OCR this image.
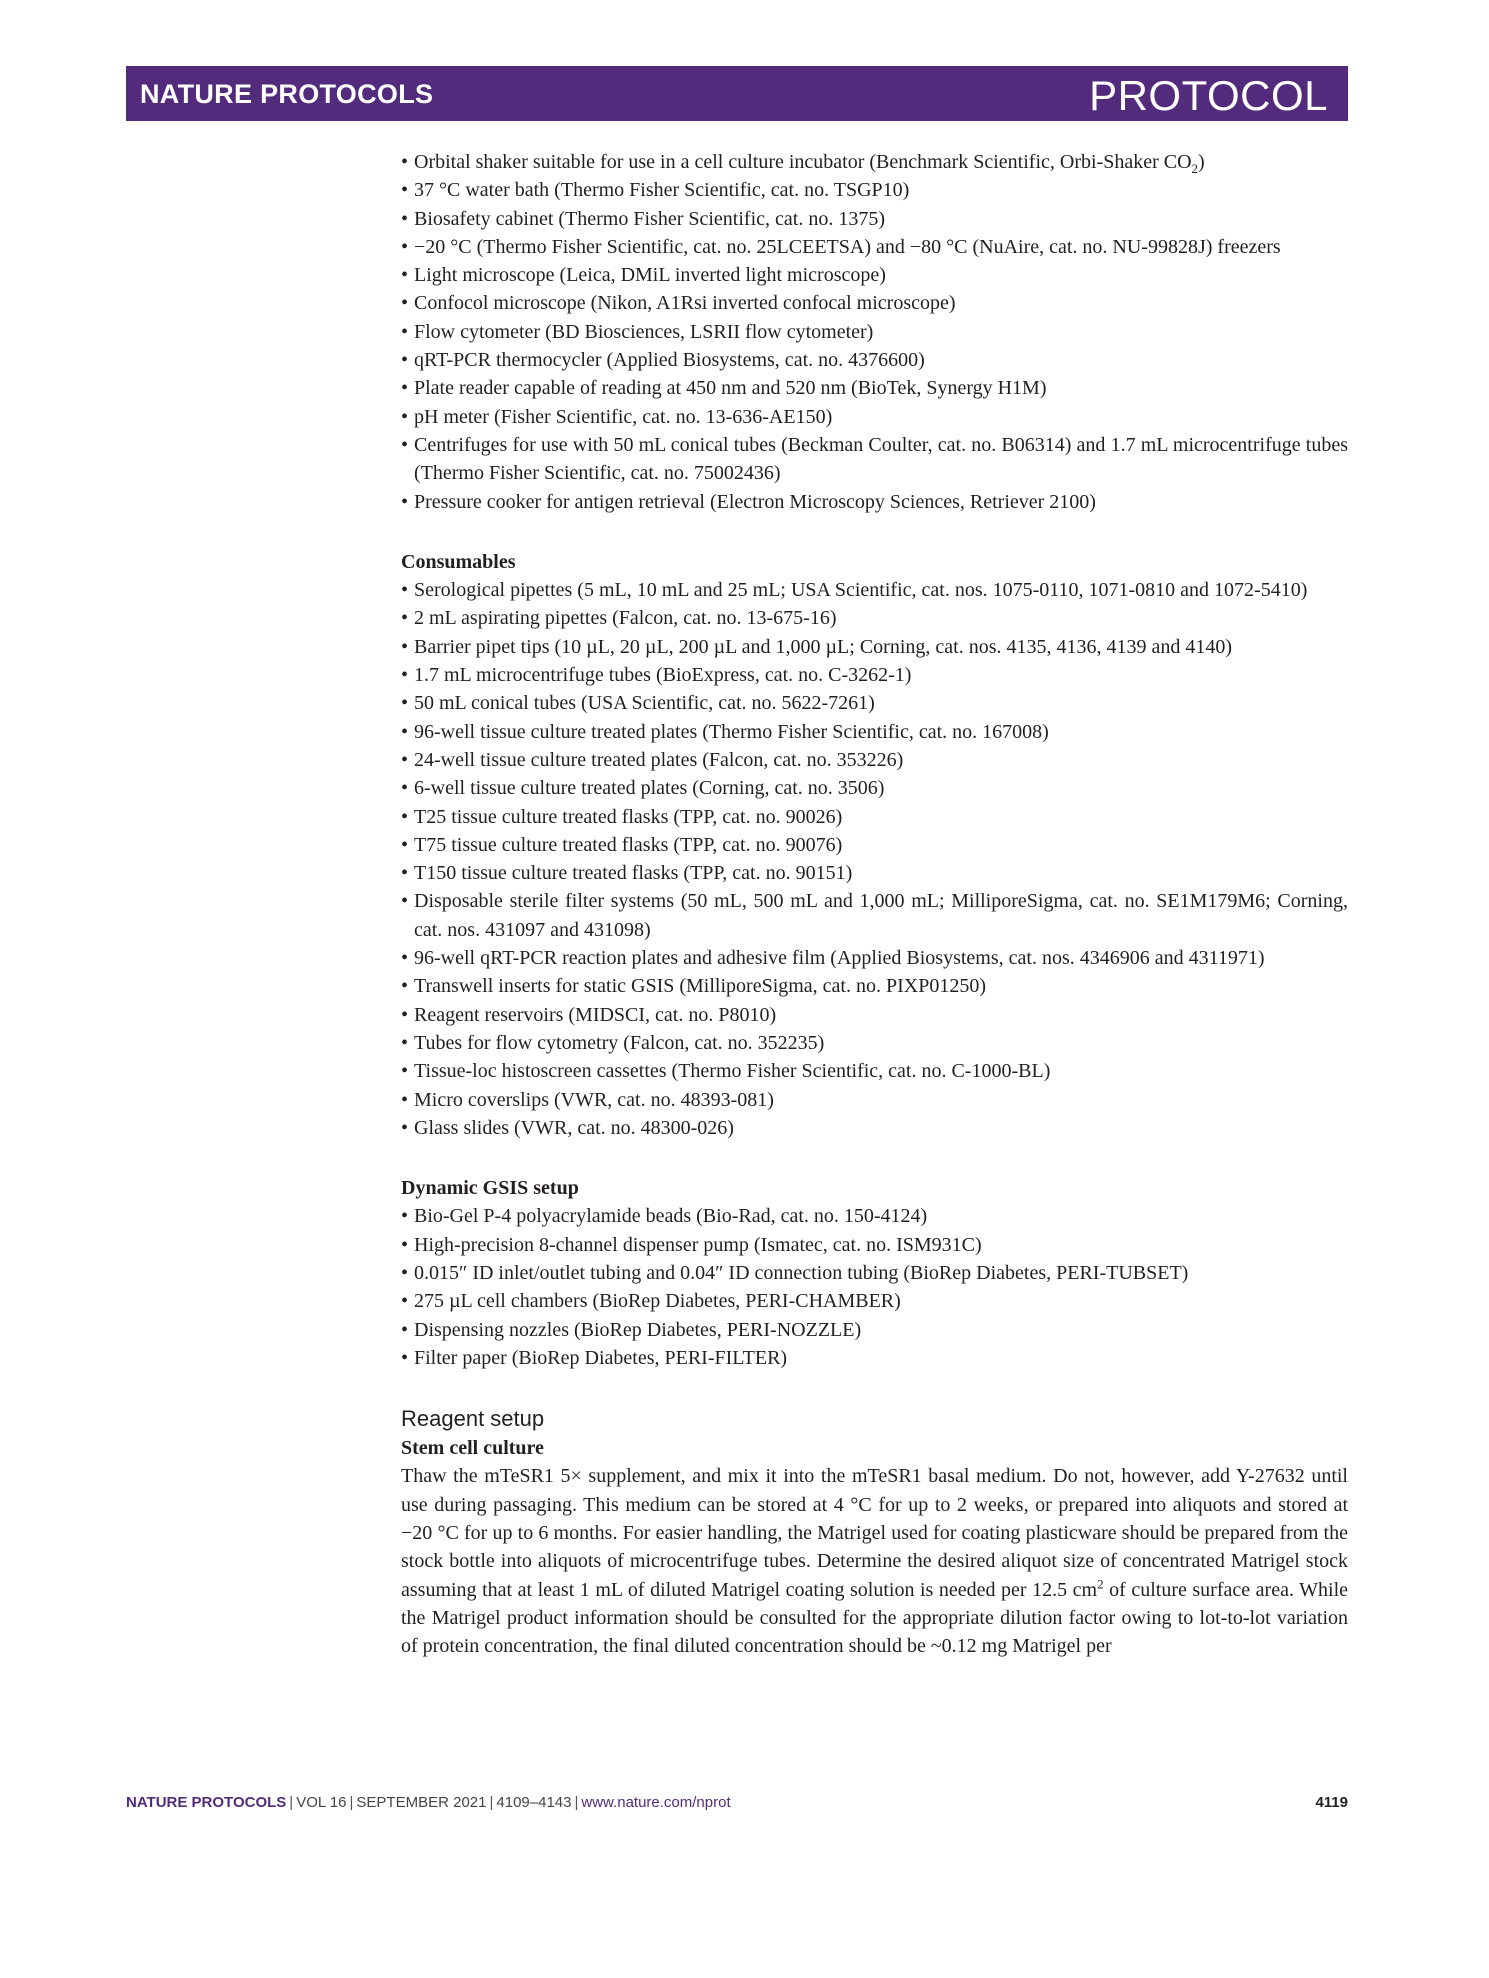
NATURE PROTOCOLS	PROTOCOL
• Orbital shaker suitable for use in a cell culture incubator (Benchmark Scientific, Orbi-Shaker $CO_2$)
• 37 °C water bath (Thermo Fisher Scientific, cat. no. TSGP10)
• Biosafety cabinet (Thermo Fisher Scientific, cat. no. 1375)
• −20 °C (Thermo Fisher Scientific, cat. no. 25LCEETSA) and −80 °C (NuAire, cat. no. NU-99828J) freezers
• Light microscope (Leica, DMiL inverted light microscope)
• Confocol microscope (Nikon, A1Rsi inverted confocal microscope)
• Flow cytometer (BD Biosciences, LSRII flow cytometer)
• qRT-PCR thermocycler (Applied Biosystems, cat. no. 4376600)
• Plate reader capable of reading at 450 nm and 520 nm (BioTek, Synergy H1M)
• pH meter (Fisher Scientific, cat. no. 13-636-AE150)
• Centrifuges for use with 50 mL conical tubes (Beckman Coulter, cat. no. B06314) and 1.7 mL microcentrifuge tubes (Thermo Fisher Scientific, cat. no. 75002436)
• Pressure cooker for antigen retrieval (Electron Microscopy Sciences, Retriever 2100)
Consumables
• Serological pipettes (5 mL, 10 mL and 25 mL; USA Scientific, cat. nos. 1075-0110, 1071-0810 and 1072-5410)
• 2 mL aspirating pipettes (Falcon, cat. no. 13-675-16)
• Barrier pipet tips (10 µL, 20 µL, 200 µL and 1,000 µL; Corning, cat. nos. 4135, 4136, 4139 and 4140)
• 1.7 mL microcentrifuge tubes (BioExpress, cat. no. C-3262-1)
• 50 mL conical tubes (USA Scientific, cat. no. 5622-7261)
• 96-well tissue culture treated plates (Thermo Fisher Scientific, cat. no. 167008)
• 24-well tissue culture treated plates (Falcon, cat. no. 353226)
• 6-well tissue culture treated plates (Corning, cat. no. 3506)
• T25 tissue culture treated flasks (TPP, cat. no. 90026)
• T75 tissue culture treated flasks (TPP, cat. no. 90076)
• T150 tissue culture treated flasks (TPP, cat. no. 90151)
• Disposable sterile filter systems (50 mL, 500 mL and 1,000 mL; MilliporeSigma, cat. no. SE1M179M6; Corning, cat. nos. 431097 and 431098)
• 96-well qRT-PCR reaction plates and adhesive film (Applied Biosystems, cat. nos. 4346906 and 4311971)
• Transwell inserts for static GSIS (MilliporeSigma, cat. no. PIXP01250)
• Reagent reservoirs (MIDSCI, cat. no. P8010)
• Tubes for flow cytometry (Falcon, cat. no. 352235)
• Tissue-loc histoscreen cassettes (Thermo Fisher Scientific, cat. no. C-1000-BL)
• Micro coverslips (VWR, cat. no. 48393-081)
• Glass slides (VWR, cat. no. 48300-026)
Dynamic GSIS setup
• Bio-Gel P-4 polyacrylamide beads (Bio-Rad, cat. no. 150-4124)
• High-precision 8-channel dispenser pump (Ismatec, cat. no. ISM931C)
• 0.015″ ID inlet/outlet tubing and 0.04″ ID connection tubing (BioRep Diabetes, PERI-TUBSET)
• 275 µL cell chambers (BioRep Diabetes, PERI-CHAMBER)
• Dispensing nozzles (BioRep Diabetes, PERI-NOZZLE)
• Filter paper (BioRep Diabetes, PERI-FILTER)
Reagent setup
Stem cell culture

Thaw the mTeSR1 5× supplement, and mix it into the mTeSR1 basal medium. Do not, however, add Y-27632 until use during passaging. This medium can be stored at 4 °C for up to 2 weeks, or prepared into aliquots and stored at −20 °C for up to 6 months. For easier handling, the Matrigel used for coating plasticware should be prepared from the stock bottle into aliquots of microcentrifuge tubes. Determine the desired aliquot size of concentrated Matrigel stock assuming that at least 1 mL of diluted Matrigel coating solution is needed per 12.5 $cm^2$ of culture surface area. While the Matrigel product information should be consulted for the appropriate dilution factor owing to lot-to-lot variation of protein concentration, the final diluted concentration should be ~0.12 mg Matrigel per

NATURE PROTOCOLS | VOL 16 | SEPTEMBER 2021 | 4109–4143 | www.nature.com/nprot	4119
